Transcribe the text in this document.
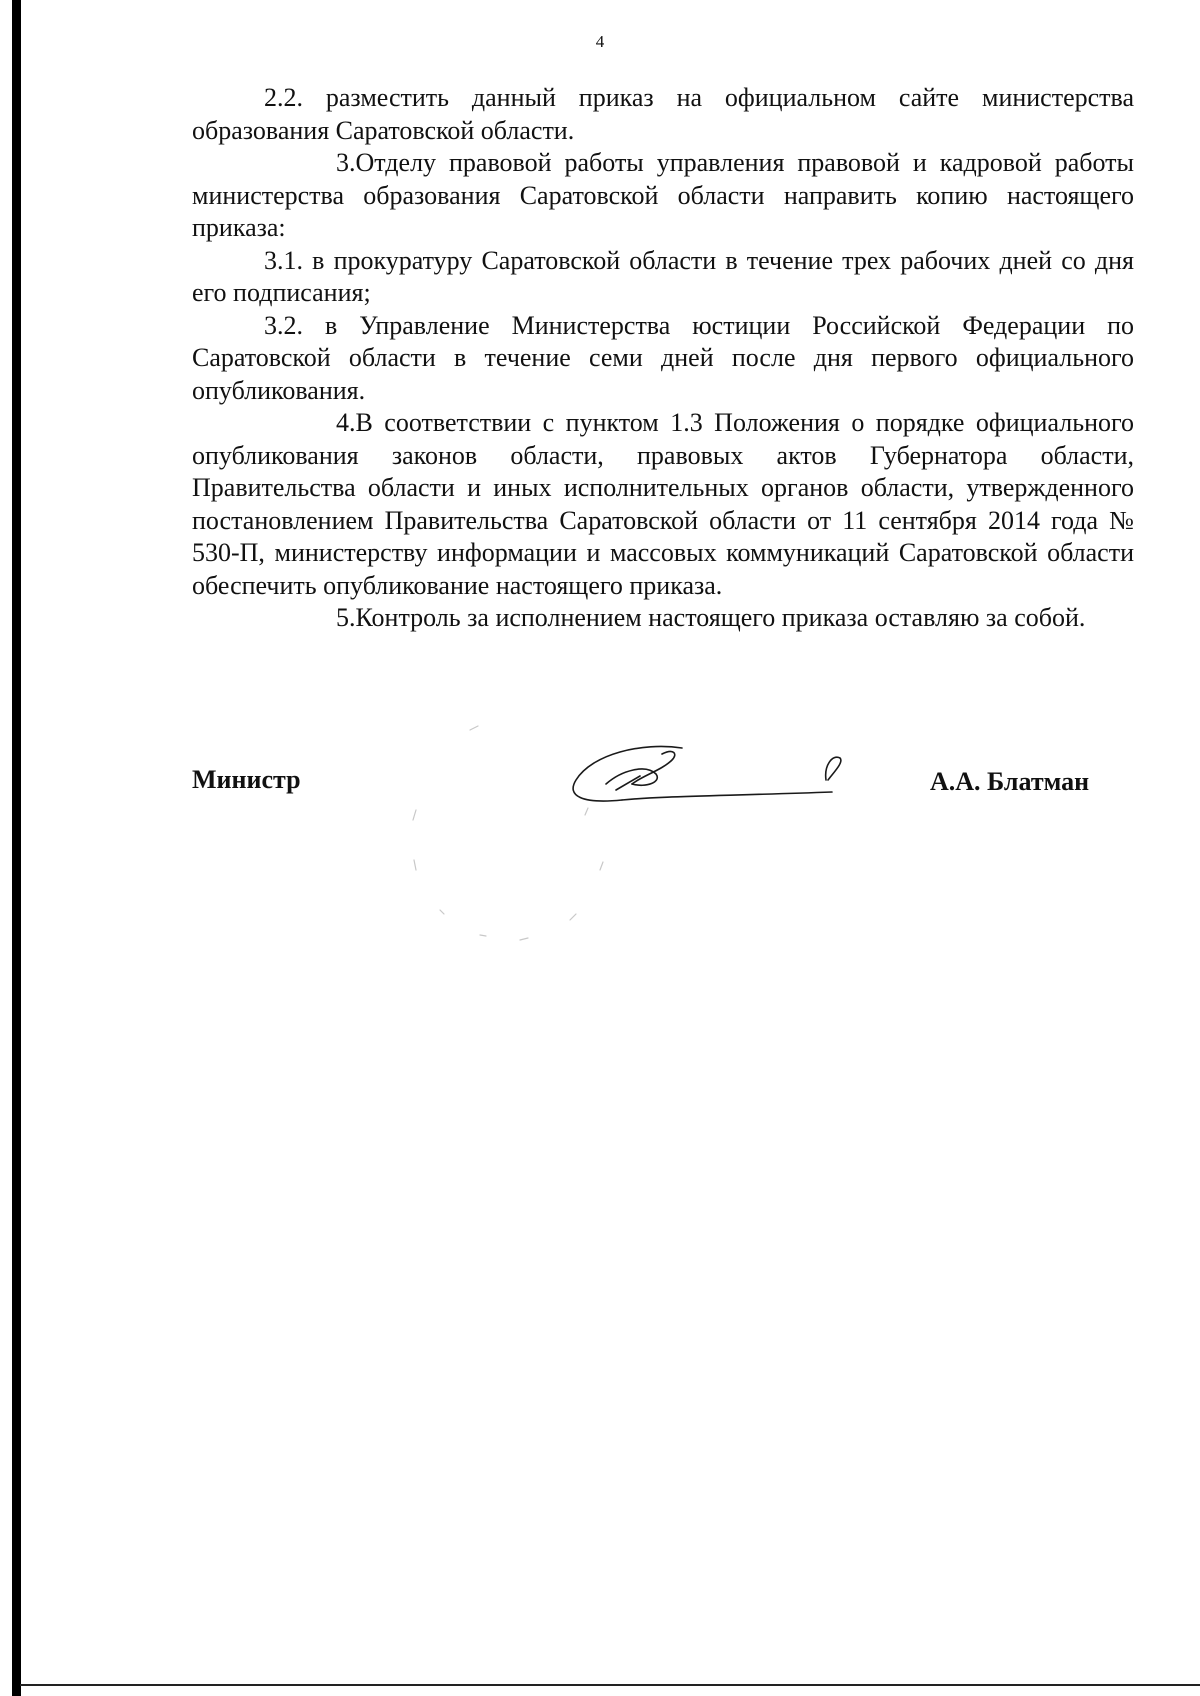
4

2.2. разместить данный приказ на официальном сайте министерства образования Саратовской области.

3.Отделу правовой работы управления правовой и кадровой работы министерства образования Саратовской области направить копию настоящего приказа:

3.1. в прокуратуру Саратовской области в течение трех рабочих дней со дня его подписания;

3.2. в Управление Министерства юстиции Российской Федерации по Саратовской области в течение семи дней после дня первого официального опубликования.

4.В соответствии с пунктом 1.3 Положения о порядке официального опубликования законов области, правовых актов Губернатора области, Правительства области и иных исполнительных органов области, утвержденного постановлением Правительства Саратовской области от 11 сентября 2014 года № 530-П, министерству информации и массовых коммуникаций Саратовской области обеспечить опубликование настоящего приказа.

5.Контроль за исполнением настоящего приказа оставляю за собой.

Министр	А.А. Блатман
